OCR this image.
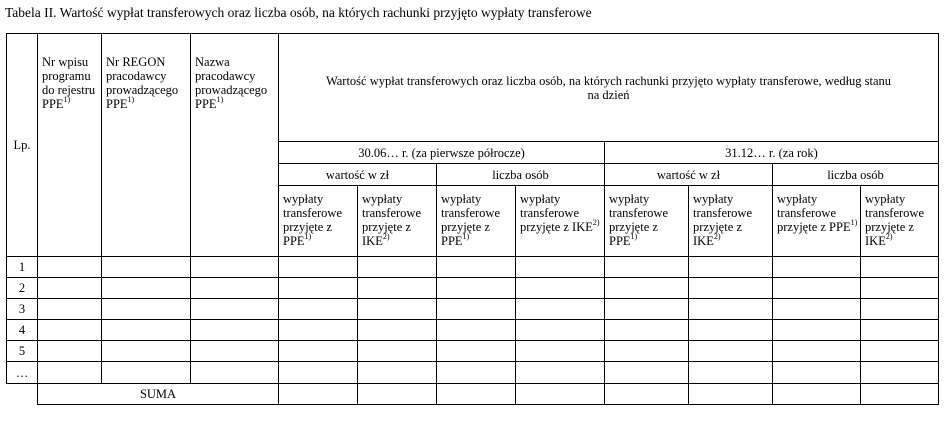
Tabela II. Wartość wypłat transferowych oraz liczba osób, na których rachunki przyjęto wypłaty transferowe
Lp.	Nr wpisu programu do rejestru PPE$^{1)}$	Nr REGON pracodawcy prowadzącego PPE$^{1)}$	Nazwa pracodawcy prowadzącego PPE$^{1)}$	Wartość wypłat transferowych oraz liczba osób, na których rachunki przyjęto wypłaty transferowe, według stanu na dzień							
				30.06… r. (za pierwsze półrocze)				31.12… r. (za rok)			
				wartość w zł		liczba osób		wartość w zł		liczba osób	
				wypłaty transferowe przyjęte z PPE$^{1)}$	wypłaty transferowe przyjęte z IKE$^{2)}$	wypłaty transferowe przyjęte z PPE$^{1)}$	wypłaty transferowe przyjęte z IKE$^{2)}$	wypłaty transferowe przyjęte z PPE$^{1)}$	wypłaty transferowe przyjęte z IKE$^{2)}$	wypłaty transferowe przyjęte z PPE$^{1)}$	wypłaty transferowe przyjęte z IKE$^{2)}$
1											
2											
3											
4											
5											
…											
	SUMA										
